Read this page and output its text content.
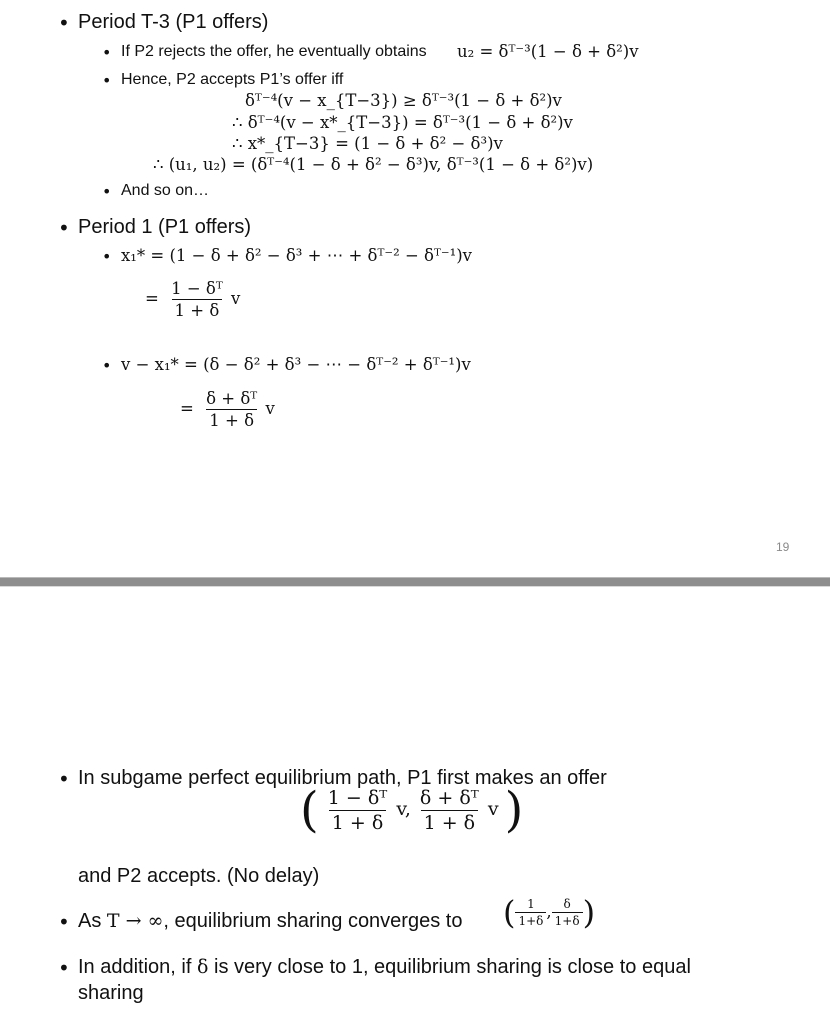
• Period T-3 (P1 offers)
• If P2 rejects the offer, he eventually obtains u₂ = δᵀ⁻³(1 − δ + δ²)v
• Hence, P2 accepts P1’s offer iff
δᵀ⁻⁴(v − x_{T−3}) ≥ δᵀ⁻³(1 − δ + δ²)v
∴ δᵀ⁻⁴(v − x*_{T−3}) = δᵀ⁻³(1 − δ + δ²)v
∴ x*_{T−3} = (1 − δ + δ² − δ³)v
∴ (u₁, u₂) = (δᵀ⁻⁴(1 − δ + δ² − δ³)v, δᵀ⁻³(1 − δ + δ²)v)
• And so on…
• Period 1 (P1 offers)
• x₁* = (1 − δ + δ² − δ³ + ⋯ + δᵀ⁻² − δᵀ⁻¹)v
= $\frac{\text{1 − δᵀ}}{1 + \delta}$ v
• v − x₁* = (δ − δ² + δ³ − ⋯ − δᵀ⁻² + δᵀ⁻¹)v
= $\frac{\text{δ + δᵀ}}{1 + \delta}$ v
19
• In subgame perfect equilibrium path, P1 first makes an offer
( $\frac{\text{1 − δᵀ}}{1 + \delta} v$, $\frac{\text{δ + δᵀ}}{1 + \delta}$ v )
and P2 accepts. (No delay)
• As T → ∞, equilibrium sharing converges to ( $\frac{1}{1+\delta}$ , $\frac{\delta}{1+\delta}$ )
• In addition, if δ is very close to 1, equilibrium sharing is close to equal
sharing
